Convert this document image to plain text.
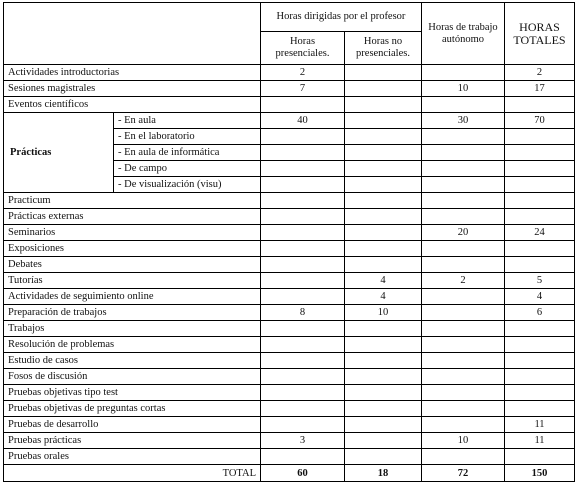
		Horas dirigidas por el profesor		Horas de trabajo autónomo	HORAS TOTALES
		Horas presenciales.	Horas no presenciales.		
Actividades introductorias		2			2
Sesiones magistrales		7		10	17
Eventos científicos					
Prácticas	- En aula	40		30	70
	- En el laboratorio				
	- En aula de informática				
	- De campo				
	- De visualización (visu)				
Practicum					
Prácticas externas					
Seminarios				20	24
Exposiciones					
Debates					
Tutorías			4	2	5
Actividades de seguimiento online			4		4
Preparación de trabajos		8	10		6
Trabajos					
Resolución de problemas					
Estudio de casos					
Fosos de discusión					
Pruebas objetivas tipo test					
Pruebas objetivas de preguntas cortas					
Pruebas de desarrollo					11
Pruebas prácticas		3		10	11
Pruebas orales					
TOTAL		60	18	72	150
